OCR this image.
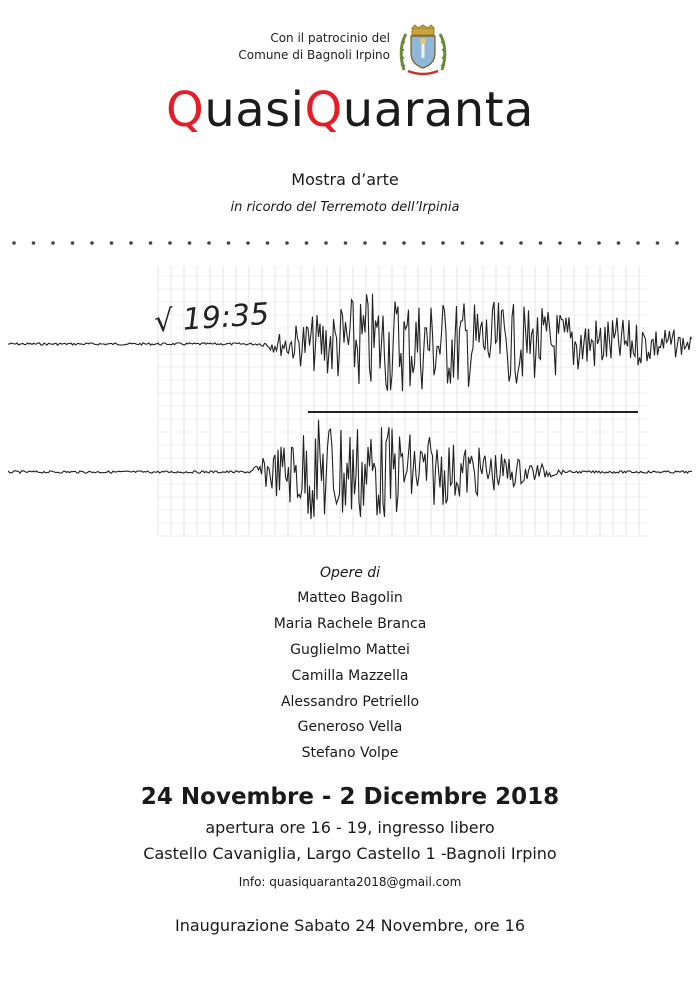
Con il patrocinio del
Comune di Bagnoli Irpino
QuasiQuaranta
Mostra d’arte
in ricordo del Terremoto dell’Irpinia
√ 19:35
Opere di
Matteo Bagolin
Maria Rachele Branca
Guglielmo Mattei
Camilla Mazzella
Alessandro Petriello
Generoso Vella
Stefano Volpe
24 Novembre - 2 Dicembre 2018
apertura ore 16 - 19, ingresso libero
Castello Cavaniglia, Largo Castello 1 -Bagnoli Irpino
Info: quasiquaranta2018@gmail.com
Inaugurazione Sabato 24 Novembre, ore 16
